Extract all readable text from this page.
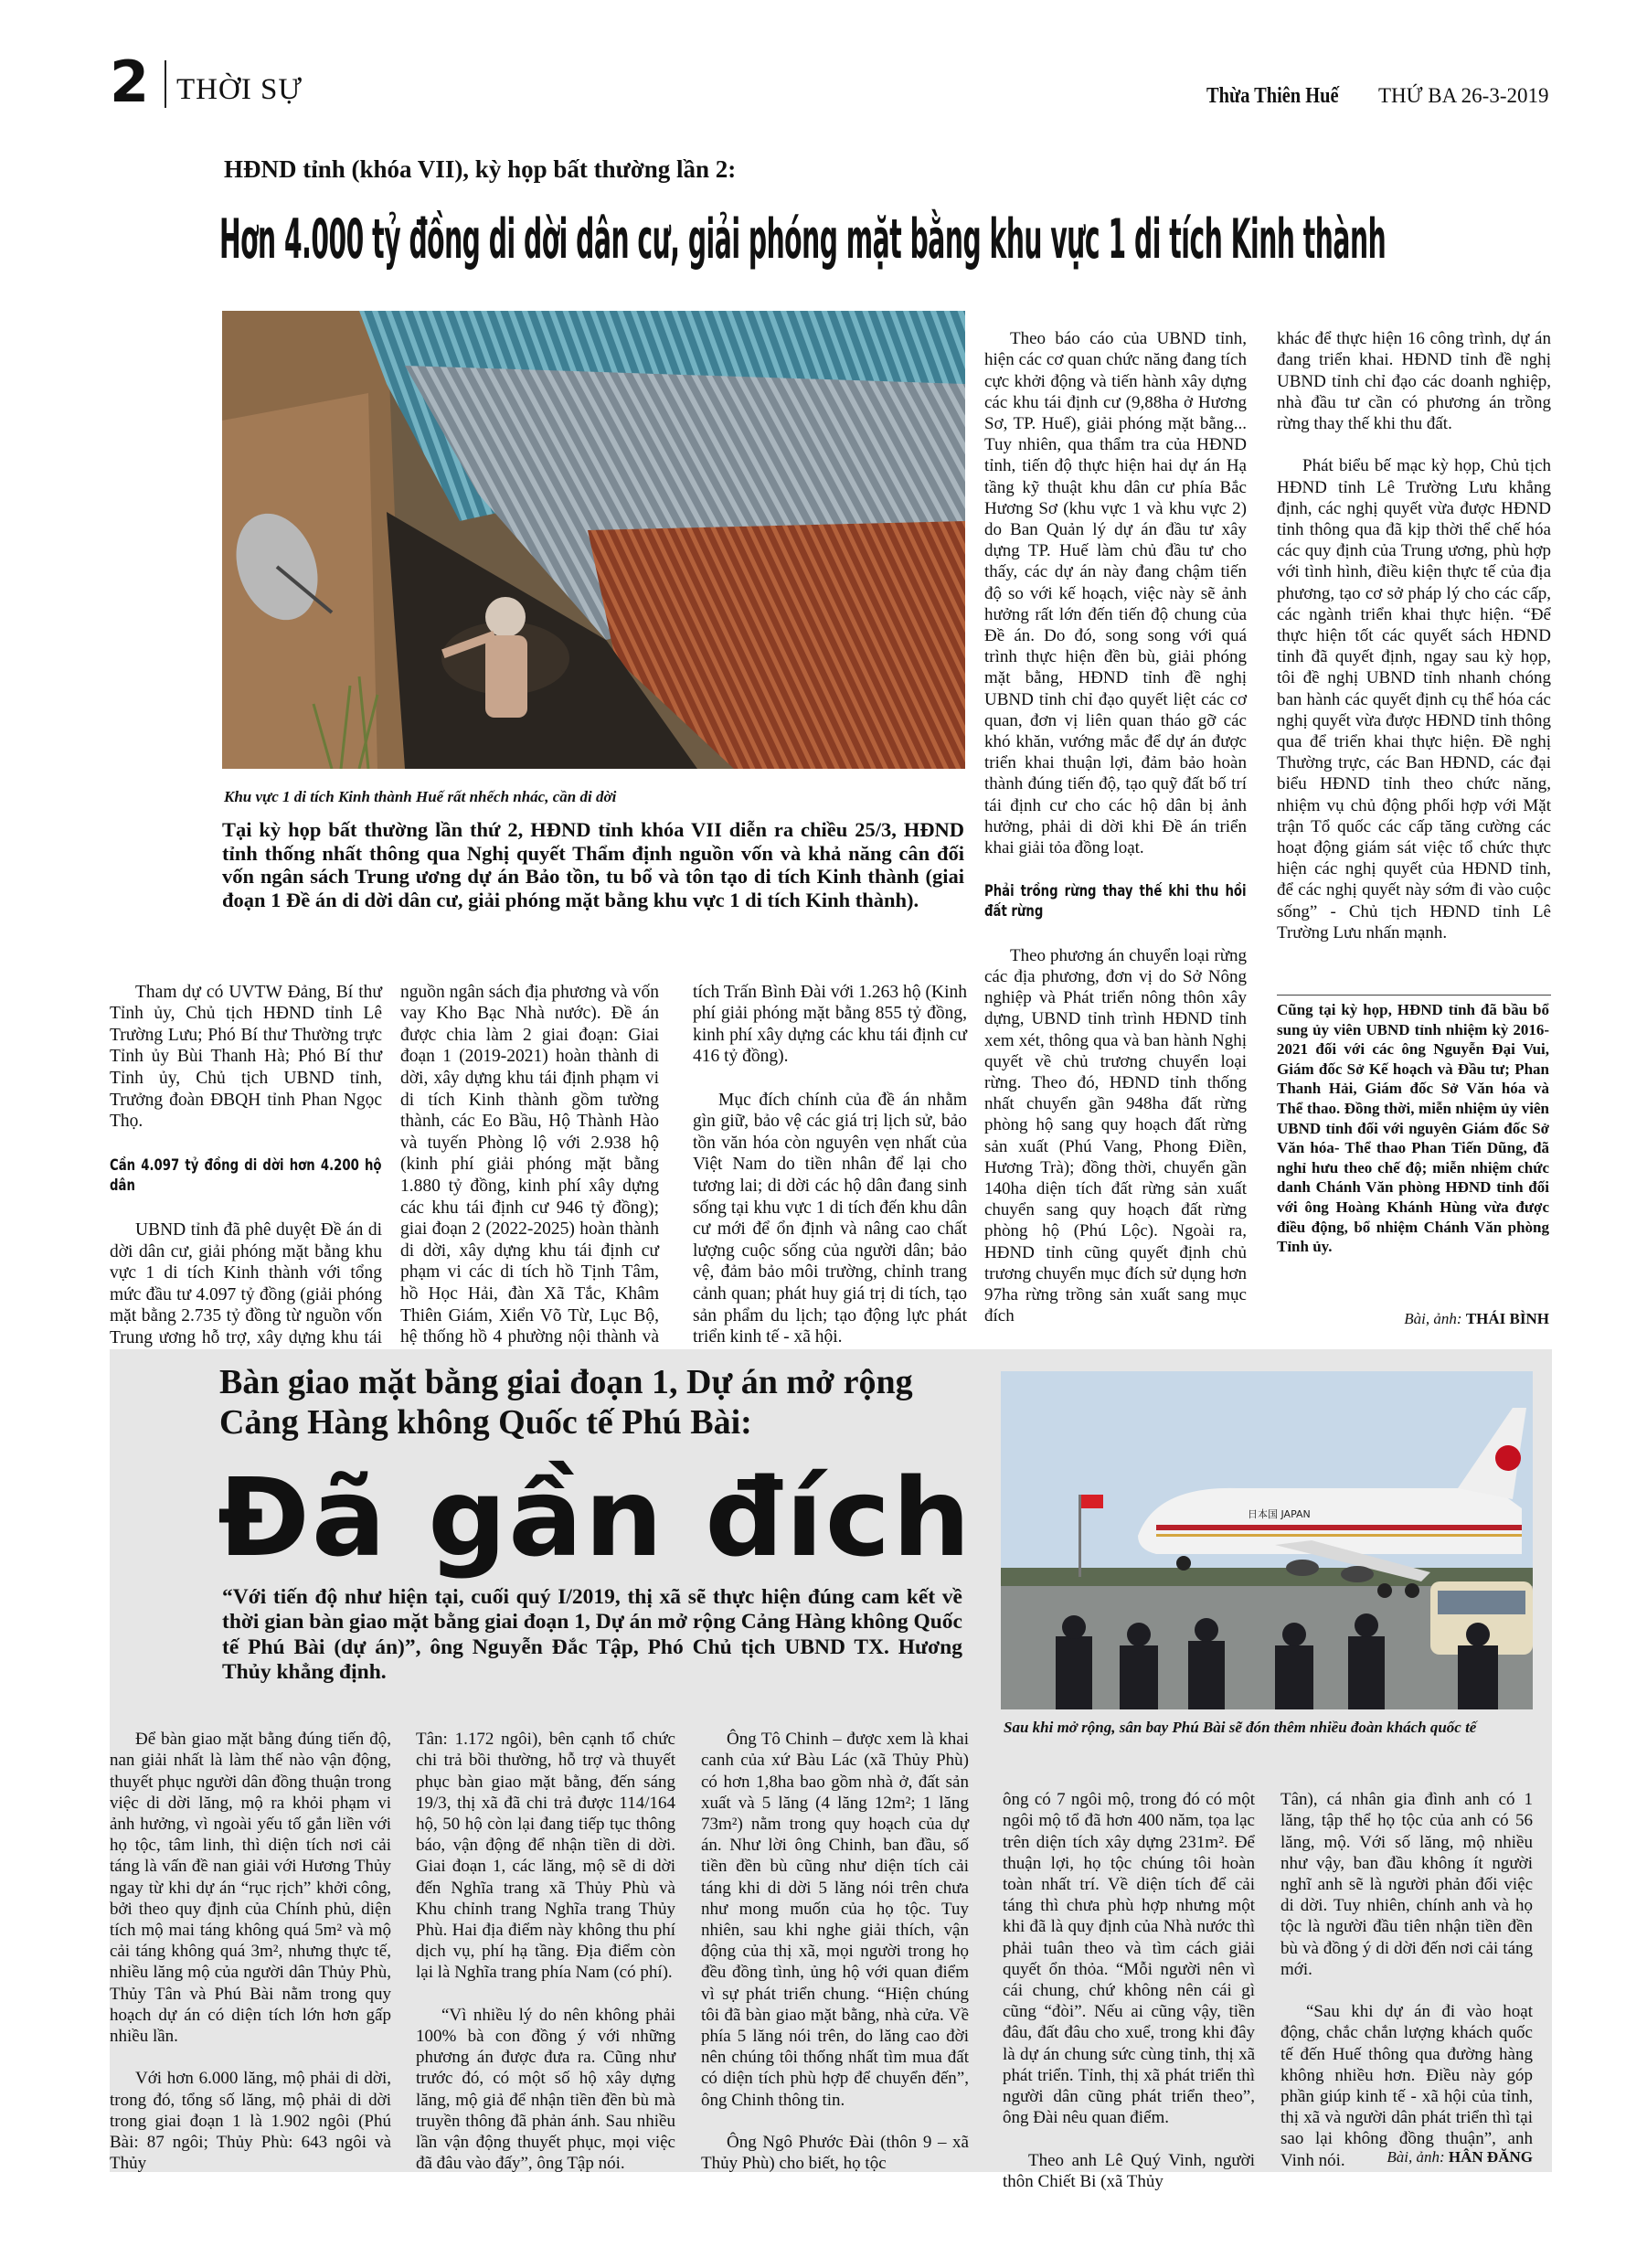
2 THỜI SỰ	Thừa Thiên Huế THỨ BA 26-3-2019
HĐND tỉnh (khóa VII), kỳ họp bất thường lần 2:
Hơn 4.000 tỷ đồng di dời dân cư, giải phóng mặt bằng khu vực 1 di tích Kinh thành
Khu vực 1 di tích Kinh thành Huế rất nhếch nhác, cần di dời
Tại kỳ họp bất thường lần thứ 2, HĐND tỉnh khóa VII diễn ra chiều 25/3, HĐND tỉnh thống nhất thông qua Nghị quyết Thẩm định nguồn vốn và khả năng cân đối vốn ngân sách Trung ương dự án Bảo tồn, tu bổ và tôn tạo di tích Kinh thành (giai đoạn 1 Đề án di dời dân cư, giải phóng mặt bằng khu vực 1 di tích Kinh thành).

Tham dự có UVTW Đảng, Bí thư Tỉnh ủy, Chủ tịch HĐND tỉnh Lê Trường Lưu; Phó Bí thư Thường trực Tỉnh ủy Bùi Thanh Hà; Phó Bí thư Tỉnh ủy, Chủ tịch UBND tỉnh, Trưởng đoàn ĐBQH tỉnh Phan Ngọc Thọ.

Cần 4.097 tỷ đồng di dời hơn 4.200 hộ dân

UBND tỉnh đã phê duyệt Đề án di dời dân cư, giải phóng mặt bằng khu vực 1 di tích Kinh thành với tổng mức đầu tư 4.097 tỷ đồng (giải phóng mặt bằng 2.735 tỷ đồng từ nguồn vốn Trung ương hỗ trợ, xây dựng khu tái

nguồn ngân sách địa phương và vốn vay Kho Bạc Nhà nước). Đề án được chia làm 2 giai đoạn: Giai đoạn 1 (2019-2021) hoàn thành di dời, xây dựng khu tái định phạm vi di tích Kinh thành gồm tường thành, các Eo Bầu, Hộ Thành Hào và tuyến Phòng lộ với 2.938 hộ (kinh phí giải phóng mặt bằng 1.880 tỷ đồng, kinh phí xây dựng các khu tái định cư 946 tỷ đồng); giai đoạn 2 (2022-2025) hoàn thành di dời, xây dựng khu tái định cư phạm vi các di tích hồ Tịnh Tâm, hồ Học Hải, đàn Xã Tắc, Khâm Thiên Giám, Xiển Võ Từ, Lục Bộ, hệ thống hồ 4 phường nội thành và

tích Trấn Bình Đài với 1.263 hộ (Kinh phí giải phóng mặt bằng 855 tỷ đồng, kinh phí xây dựng các khu tái định cư 416 tỷ đồng).

Mục đích chính của đề án nhằm gìn giữ, bảo vệ các giá trị lịch sử, bảo tồn văn hóa còn nguyên vẹn nhất của Việt Nam do tiền nhân để lại cho tương lai; di dời các hộ dân đang sinh sống tại khu vực 1 di tích đến khu dân cư mới để ổn định và nâng cao chất lượng cuộc sống của người dân; bảo vệ, đảm bảo môi trường, chỉnh trang cảnh quan; phát huy giá trị di tích, tạo sản phẩm du lịch; tạo động lực phát triển kinh tế - xã hội.

Theo báo cáo của UBND tỉnh, hiện các cơ quan chức năng đang tích cực khởi động và tiến hành xây dựng các khu tái định cư (9,88ha ở Hương Sơ, TP. Huế), giải phóng mặt bằng... Tuy nhiên, qua thẩm tra của HĐND tỉnh, tiến độ thực hiện hai dự án Hạ tầng kỹ thuật khu dân cư phía Bắc Hương Sơ (khu vực 1 và khu vực 2) do Ban Quản lý dự án đầu tư xây dựng TP. Huế làm chủ đầu tư cho thấy, các dự án này đang chậm tiến độ so với kế hoạch, việc này sẽ ảnh hưởng rất lớn đến tiến độ chung của Đề án. Do đó, song song với quá trình thực hiện đền bù, giải phóng mặt bằng, HĐND tỉnh đề nghị UBND tỉnh chỉ đạo quyết liệt các cơ quan, đơn vị liên quan tháo gỡ các khó khăn, vướng mắc để dự án được triển khai thuận lợi, đảm bảo hoàn thành đúng tiến độ, tạo quỹ đất bố trí tái định cư cho các hộ dân bị ảnh hưởng, phải di dời khi Đề án triển khai giải tỏa đồng loạt.

Phải trồng rừng thay thế khi thu hồi đất rừng

Theo phương án chuyển loại rừng các địa phương, đơn vị do Sở Nông nghiệp và Phát triển nông thôn xây dựng, UBND tỉnh trình HĐND tỉnh xem xét, thông qua và ban hành Nghị quyết về chủ trương chuyển loại rừng. Theo đó, HĐND tỉnh thống nhất chuyển gần 948ha đất rừng phòng hộ sang quy hoạch đất rừng sản xuất (Phú Vang, Phong Điền, Hương Trà); đồng thời, chuyển gần 140ha diện tích đất rừng sản xuất chuyển sang quy hoạch đất rừng phòng hộ (Phú Lộc). Ngoài ra, HĐND tỉnh cũng quyết định chủ trương chuyển mục đích sử dụng hơn 97ha rừng trồng sản xuất sang mục đích

khác để thực hiện 16 công trình, dự án đang triển khai. HĐND tỉnh đề nghị UBND tỉnh chỉ đạo các doanh nghiệp, nhà đầu tư cần có phương án trồng rừng thay thế khi thu đất.

Phát biểu bế mạc kỳ họp, Chủ tịch HĐND tỉnh Lê Trường Lưu khẳng định, các nghị quyết vừa được HĐND tỉnh thông qua đã kịp thời thể chế hóa các quy định của Trung ương, phù hợp với tình hình, điều kiện thực tế của địa phương, tạo cơ sở pháp lý cho các cấp, các ngành triển khai thực hiện. “Để thực hiện tốt các quyết sách HĐND tỉnh đã quyết định, ngay sau kỳ họp, tôi đề nghị UBND tỉnh nhanh chóng ban hành các quyết định cụ thể hóa các nghị quyết vừa được HĐND tỉnh thông qua để triển khai thực hiện. Đề nghị Thường trực, các Ban HĐND, các đại biểu HĐND tỉnh theo chức năng, nhiệm vụ chủ động phối hợp với Mặt trận Tổ quốc các cấp tăng cường các hoạt động giám sát việc tổ chức thực hiện các nghị quyết của HĐND tỉnh, để các nghị quyết này sớm đi vào cuộc sống” - Chủ tịch HĐND tỉnh Lê Trường Lưu nhấn mạnh.

Cũng tại kỳ họp, HĐND tỉnh đã bầu bổ sung ủy viên UBND tỉnh nhiệm kỳ 2016- 2021 đối với các ông Nguyễn Đại Vui, Giám đốc Sở Kế hoạch và Đầu tư; Phan Thanh Hải, Giám đốc Sở Văn hóa và Thể thao. Đồng thời, miễn nhiệm ủy viên UBND tỉnh đối với nguyên Giám đốc Sở Văn hóa- Thể thao Phan Tiến Dũng, đã nghỉ hưu theo chế độ; miễn nhiệm chức danh Chánh Văn phòng HĐND tỉnh đối với ông Hoàng Khánh Hùng vừa được điều động, bổ nhiệm Chánh Văn phòng Tỉnh ủy.
Bài, ảnh: THÁI BÌNH
Bàn giao mặt bằng giai đoạn 1, Dự án mở rộng Cảng Hàng không Quốc tế Phú Bài:
Đã gần đích
“Với tiến độ như hiện tại, cuối quý I/2019, thị xã sẽ thực hiện đúng cam kết về thời gian bàn giao mặt bằng giai đoạn 1, Dự án mở rộng Cảng Hàng không Quốc tế Phú Bài (dự án)”, ông Nguyễn Đắc Tập, Phó Chủ tịch UBND TX. Hương Thủy khẳng định.
日本国 JAPAN
Sau khi mở rộng, sân bay Phú Bài sẽ đón thêm nhiều đoàn khách quốc tế

Để bàn giao mặt bằng đúng tiến độ, nan giải nhất là làm thế nào vận động, thuyết phục người dân đồng thuận trong việc di dời lăng, mộ ra khỏi phạm vi ảnh hưởng, vì ngoài yếu tố gắn liền với họ tộc, tâm linh, thì diện tích nơi cải táng là vấn đề nan giải với Hương Thủy ngay từ khi dự án “rục rịch” khởi công, bởi theo quy định của Chính phủ, diện tích mộ mai táng không quá 5m² và mộ cải táng không quá 3m², nhưng thực tế, nhiều lăng mộ của người dân Thủy Phù, Thủy Tân và Phú Bài nằm trong quy hoạch dự án có diện tích lớn hơn gấp nhiều lần.

Với hơn 6.000 lăng, mộ phải di dời, trong đó, tổng số lăng, mộ phải di dời trong giai đoạn 1 là 1.902 ngôi (Phú Bài: 87 ngôi; Thủy Phù: 643 ngôi và Thủy

Tân: 1.172 ngôi), bên cạnh tổ chức chi trả bồi thường, hỗ trợ và thuyết phục bàn giao mặt bằng, đến sáng 19/3, thị xã đã chi trả được 114/164 hộ, 50 hộ còn lại đang tiếp tục thông báo, vận động để nhận tiền di dời. Giai đoạn 1, các lăng, mộ sẽ di dời đến Nghĩa trang xã Thủy Phù và Khu chỉnh trang Nghĩa trang Thủy Phù. Hai địa điểm này không thu phí dịch vụ, phí hạ tầng. Địa điểm còn lại là Nghĩa trang phía Nam (có phí).

“Vì nhiều lý do nên không phải 100% bà con đồng ý với những phương án được đưa ra. Cũng như trước đó, có một số hộ xây dựng lăng, mộ giả để nhận tiền đền bù mà truyền thông đã phản ánh. Sau nhiều lần vận động thuyết phục, mọi việc đã đâu vào đấy”, ông Tập nói.

Ông Tô Chinh – được xem là khai canh của xứ Bàu Lác (xã Thủy Phù) có hơn 1,8ha bao gồm nhà ở, đất sản xuất và 5 lăng (4 lăng 12m²; 1 lăng 73m²) nằm trong quy hoạch của dự án. Như lời ông Chinh, ban đầu, số tiền đền bù cũng như diện tích cải táng khi di dời 5 lăng nói trên chưa như mong muốn của họ tộc. Tuy nhiên, sau khi nghe giải thích, vận động của thị xã, mọi người trong họ đều đồng tình, ủng hộ với quan điểm vì sự phát triển chung. “Hiện chúng tôi đã bàn giao mặt bằng, nhà cửa. Về phía 5 lăng nói trên, do lăng cao đời nên chúng tôi thống nhất tìm mua đất có diện tích phù hợp để chuyển đến”, ông Chinh thông tin.

Ông Ngô Phước Đài (thôn 9 – xã Thủy Phù) cho biết, họ tộc

ông có 7 ngôi mộ, trong đó có một ngôi mộ tổ đã hơn 400 năm, tọa lạc trên diện tích xây dựng 231m². Để thuận lợi, họ tộc chúng tôi hoàn toàn nhất trí. Về diện tích để cải táng thì chưa phù hợp nhưng một khi đã là quy định của Nhà nước thì phải tuân theo và tìm cách giải quyết ổn thỏa. “Mỗi người nên vì cái chung, chứ không nên cái gì cũng “đòi”. Nếu ai cũng vậy, tiền đâu, đất đâu cho xuể, trong khi đây là dự án chung sức cùng tỉnh, thị xã phát triển. Tỉnh, thị xã phát triển thì người dân cũng phát triển theo”, ông Đài nêu quan điểm.

Theo anh Lê Quý Vinh, người thôn Chiết Bi (xã Thủy

Tân), cá nhân gia đình anh có 1 lăng, tập thể họ tộc của anh có 56 lăng, mộ. Với số lăng, mộ nhiều như vậy, ban đầu không ít người nghĩ anh sẽ là người phản đối việc di dời. Tuy nhiên, chính anh và họ tộc là người đầu tiên nhận tiền đền bù và đồng ý di dời đến nơi cải táng mới.

“Sau khi dự án đi vào hoạt động, chắc chắn lượng khách quốc tế đến Huế thông qua đường hàng không nhiều hơn. Điều này góp phần giúp kinh tế - xã hội của tỉnh, thị xã và người dân phát triển thì tại sao lại không đồng thuận”, anh Vinh nói.	Bài, ảnh: HÂN ĐĂNG
